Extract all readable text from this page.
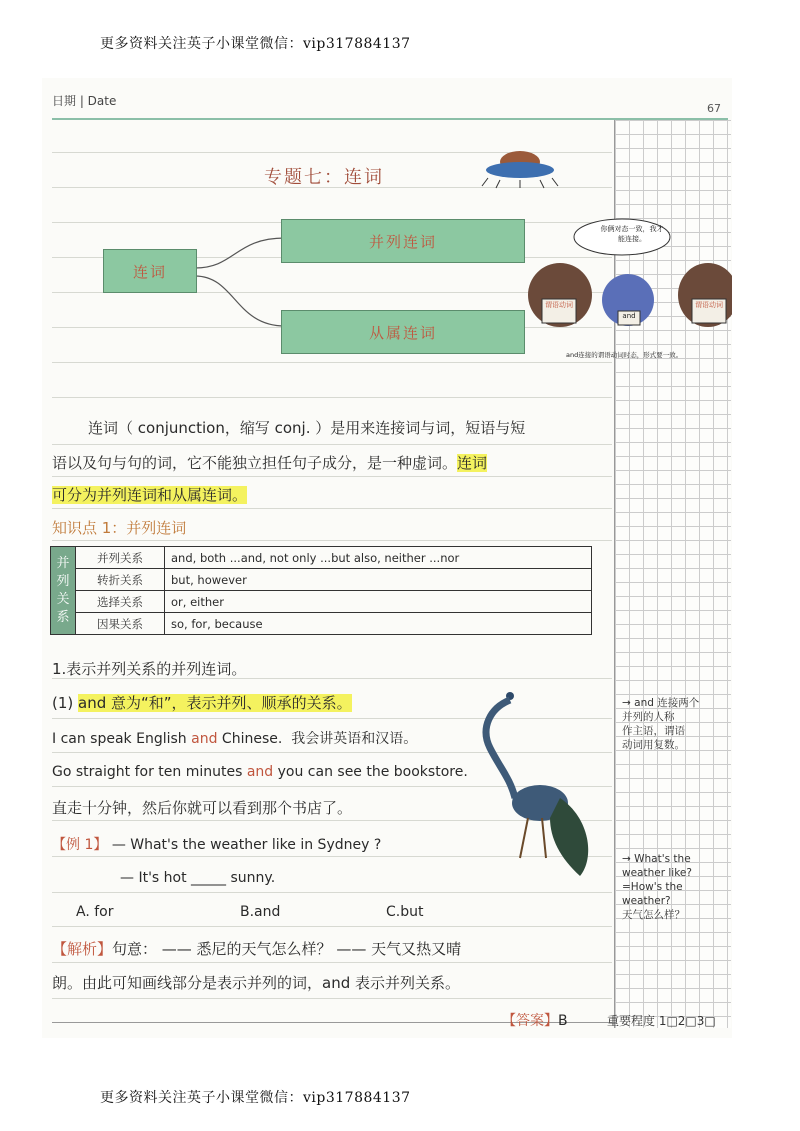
更多资料关注英子小课堂微信：vip317884137
日期 | Date
67
专题七：连词
连词
并列连词
从属连词
你俩对态一致，我才能连接。
谓语动词
and
谓语动词
and连接的谓语动词时态，形式要一致。
连词（ conjunction，缩写 conj. ）是用来连接词与词，短语与短
语以及句与句的词，它不能独立担任句子成分，是一种虚词。连词
可分为并列连词和从属连词。
知识点 1：并列连词
并
列
关
系	并列关系	and, both ...and, not only ...but also, neither ...nor
	转折关系	but, however
	选择关系	or, either
	因果关系	so, for, because
1.表示并列关系的并列连词。
(1) and 意为“和”，表示并列、顺承的关系。
I can speak English and Chinese. 我会讲英语和汉语。
Go straight for ten minutes and you can see the bookstore.
直走十分钟，然后你就可以看到那个书店了。
【例 1】 — What's the weather like in Sydney ?
— It's hot _____ sunny.
A. for	B.and	C.but
【解析】句意： —— 悉尼的天气怎么样？ —— 天气又热又晴
朗。由此可知画线部分是表示并列的词，and 表示并列关系。
【答案】B	重要程度 1□2□3□
→ and 连接两个
并列的人称
作主语，谓语
动词用复数。
→ What's the
weather like?
=How's the
weather?
天气怎么样？
更多资料关注英子小课堂微信：vip317884137
